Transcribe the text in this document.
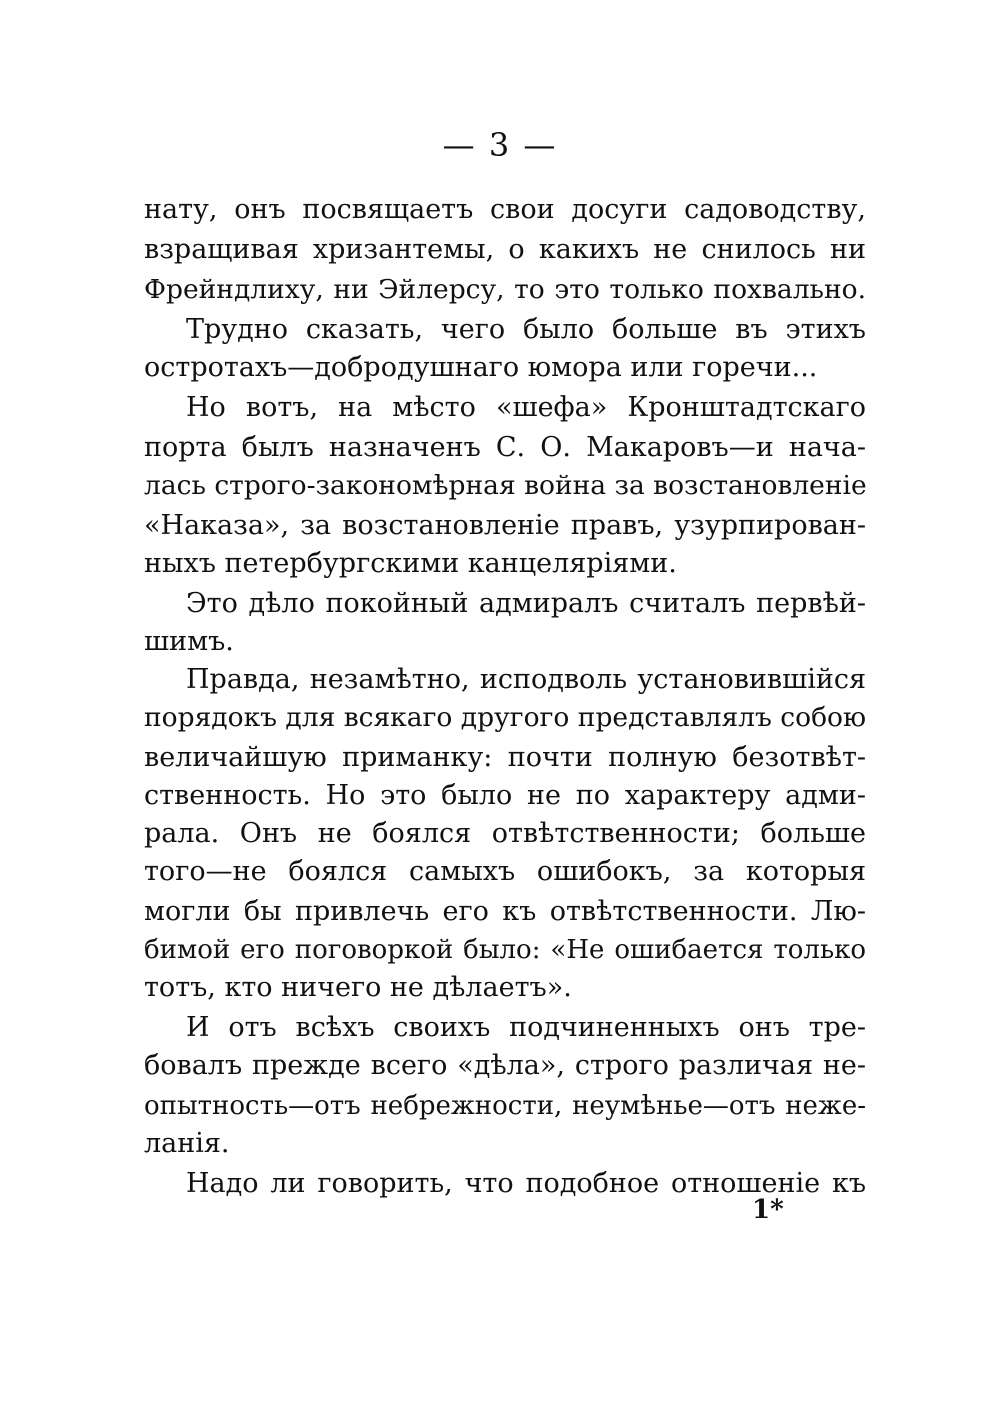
— 3 —
нату, онъ посвящаетъ свои досуги садоводству,
взращивая хризантемы, о какихъ не снилось ни
Фрейндлиху, ни Эйлерсу, то это только похвально.
Трудно сказать, чего было больше въ этихъ
остротахъ—добродушнаго юмора или горечи...
Но вотъ, на мѣсто «шефа» Кронштадтскаго
порта былъ назначенъ С. О. Макаровъ—и нача-
лась строго-закономѣрная война за возстановленіе
«Наказа», за возстановленіе правъ, узурпирован-
ныхъ петербургскими канцеляріями.
Это дѣло покойный адмиралъ считалъ первѣй-
шимъ.
Правда, незамѣтно, исподволь установившійся
порядокъ для всякаго другого представлялъ собою
величайшую приманку: почти полную безотвѣт-
ственность. Но это было не по характеру адми-
рала. Онъ не боялся отвѣтственности; больше
того—не боялся самыхъ ошибокъ, за которыя
могли бы привлечь его къ отвѣтственности. Лю-
бимой его поговоркой было: «Не ошибается только
тотъ, кто ничего не дѣлаетъ».
И отъ всѣхъ своихъ подчиненныхъ онъ тре-
бовалъ прежде всего «дѣла», строго различая не-
опытность—отъ небрежности, неумѣнье—отъ нежe-
ланія.
Надо ли говорить, что подобное отношеніе къ
1*
